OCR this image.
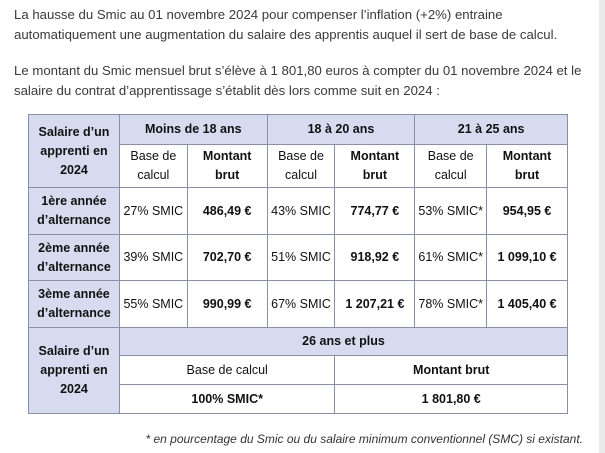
La hausse du Smic au 01 novembre 2024 pour compenser l’inflation (+2%) entraine automatiquement une augmentation du salaire des apprentis auquel il sert de base de calcul.

Le montant du Smic mensuel brut s’élève à 1 801,80 euros à compter du 01 novembre 2024 et le salaire du contrat d’apprentissage s’établit dès lors comme suit en 2024 :

Salaire d’un apprenti en 2024	Moins de 18 ans		18 à 20 ans		21 à 25 ans	
	Base de calcul	Montant brut	Base de calcul	Montant brut	Base de calcul	Montant brut
1ère année d’alternance	27% SMIC	486,49 €	43% SMIC	774,77 €	53% SMIC*	954,95 €
2ème année d’alternance	39% SMIC	702,70 €	51% SMIC	918,92 €	61% SMIC*	1 099,10 €
3ème année d’alternance	55% SMIC	990,99 €	67% SMIC	1 207,21 €	78% SMIC*	1 405,40 €
Salaire d’un apprenti en 2024	26 ans et plus					
	Base de calcul			Montant brut		
	100% SMIC*			1 801,80 €		

* en pourcentage du Smic ou du salaire minimum conventionnel (SMC) si existant.
